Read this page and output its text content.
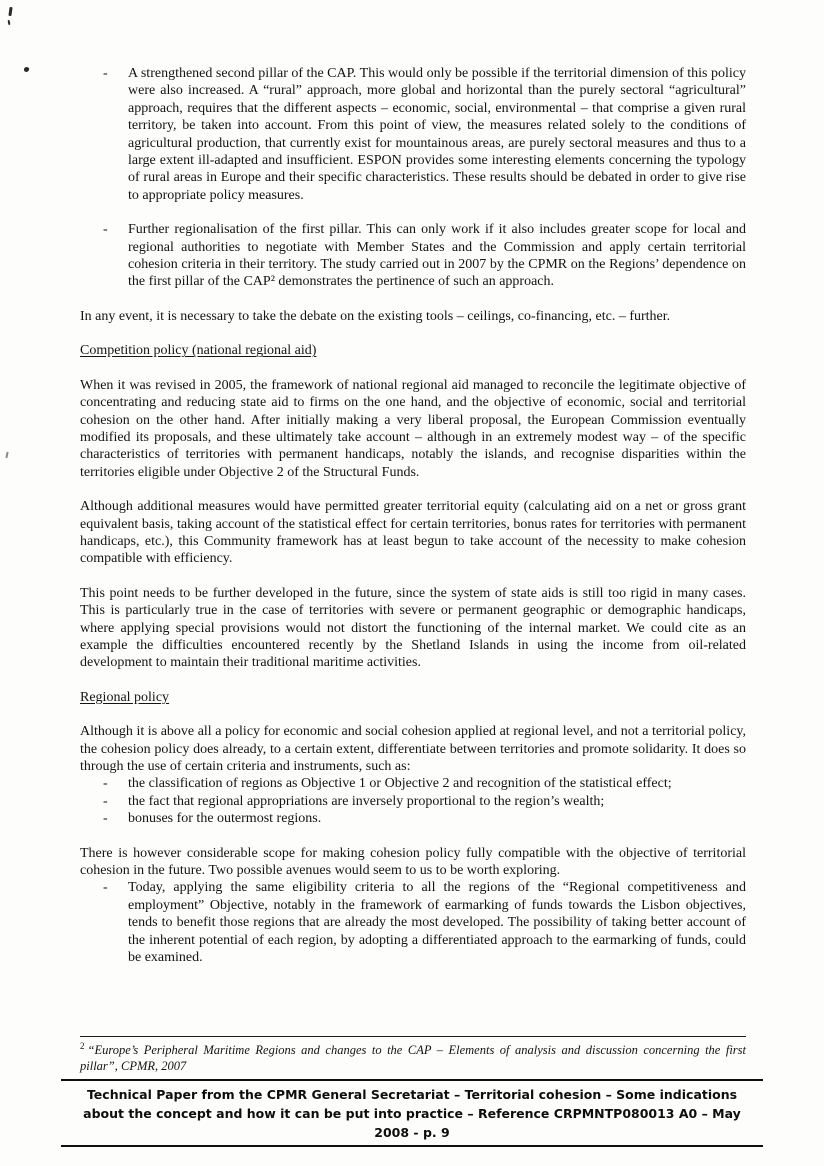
-	A strengthened second pillar of the CAP. This would only be possible if the territorial dimension of this policy were also increased. A “rural” approach, more global and horizontal than the purely sectoral “agricultural” approach, requires that the different aspects – economic, social, environmental – that comprise a given rural territory, be taken into account. From this point of view, the measures related solely to the conditions of agricultural production, that currently exist for mountainous areas, are purely sectoral measures and thus to a large extent ill-adapted and insufficient. ESPON provides some interesting elements concerning the typology of rural areas in Europe and their specific characteristics. These results should be debated in order to give rise to appropriate policy measures.
-	Further regionalisation of the first pillar. This can only work if it also includes greater scope for local and regional authorities to negotiate with Member States and the Commission and apply certain territorial cohesion criteria in their territory. The study carried out in 2007 by the CPMR on the Regions’ dependence on the first pillar of the CAP² demonstrates the pertinence of such an approach.

In any event, it is necessary to take the debate on the existing tools – ceilings, co-financing, etc. – further.

Competition policy (national regional aid)

When it was revised in 2005, the framework of national regional aid managed to reconcile the legitimate objective of concentrating and reducing state aid to firms on the one hand, and the objective of economic, social and territorial cohesion on the other hand. After initially making a very liberal proposal, the European Commission eventually modified its proposals, and these ultimately take account – although in an extremely modest way – of the specific characteristics of territories with permanent handicaps, notably the islands, and recognise disparities within the territories eligible under Objective 2 of the Structural Funds.

Although additional measures would have permitted greater territorial equity (calculating aid on a net or gross grant equivalent basis, taking account of the statistical effect for certain territories, bonus rates for territories with permanent handicaps, etc.), this Community framework has at least begun to take account of the necessity to make cohesion compatible with efficiency.

This point needs to be further developed in the future, since the system of state aids is still too rigid in many cases. This is particularly true in the case of territories with severe or permanent geographic or demographic handicaps, where applying special provisions would not distort the functioning of the internal market. We could cite as an example the difficulties encountered recently by the Shetland Islands in using the income from oil-related development to maintain their traditional maritime activities.

Regional policy

Although it is above all a policy for economic and social cohesion applied at regional level, and not a territorial policy, the cohesion policy does already, to a certain extent, differentiate between territories and promote solidarity. It does so through the use of certain criteria and instruments, such as:

-	the classification of regions as Objective 1 or Objective 2 and recognition of the statistical effect;
-	the fact that regional appropriations are inversely proportional to the region’s wealth;
-	bonuses for the outermost regions.

There is however considerable scope for making cohesion policy fully compatible with the objective of territorial cohesion in the future. Two possible avenues would seem to us to be worth exploring.

-	Today, applying the same eligibility criteria to all the regions of the “Regional competitiveness and employment” Objective, notably in the framework of earmarking of funds towards the Lisbon objectives, tends to benefit those regions that are already the most developed. The possibility of taking better account of the inherent potential of each region, by adopting a differentiated approach to the earmarking of funds, could be examined.

$^2$ “Europe’s Peripheral Maritime Regions and changes to the CAP – Elements of analysis and discussion concerning the first pillar”, CPMR, 2007

Technical Paper from the CPMR General Secretariat – Territorial cohesion – Some indications about the concept and how it can be put into practice – Reference CRPMNTP080013 A0 – May 2008 - p. 9
